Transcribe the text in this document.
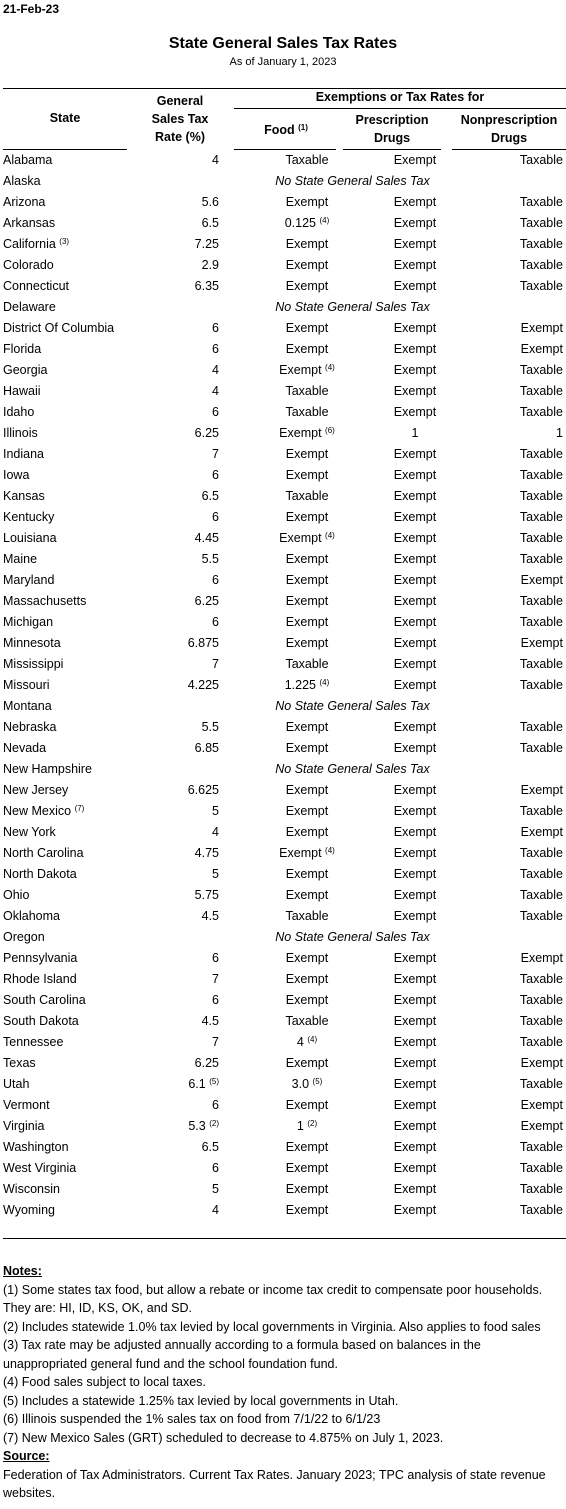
21-Feb-23
State General Sales Tax Rates
As of January 1, 2023
State
General
Sales Tax
Rate (%)
Exemptions or Tax Rates for
Food $^{(1)}$
Prescription
Drugs
Nonprescription
Drugs
Alabama	4	Taxable	Exempt	Taxable
Alaska	No State General Sales Tax
Arizona	5.6	Exempt	Exempt	Taxable
Arkansas	6.5	0.125 $^{(4)}$	Exempt	Taxable
California $^{(3)}$	7.25	Exempt	Exempt	Taxable
Colorado	2.9	Exempt	Exempt	Taxable
Connecticut	6.35	Exempt	Exempt	Taxable
Delaware	No State General Sales Tax
District Of Columbia	6	Exempt	Exempt	Exempt
Florida	6	Exempt	Exempt	Exempt
Georgia	4	Exempt $^{(4)}$	Exempt	Taxable
Hawaii	4	Taxable	Exempt	Taxable
Idaho	6	Taxable	Exempt	Taxable
Illinois	6.25	Exempt $^{(6)}$	1	1
Indiana	7	Exempt	Exempt	Taxable
Iowa	6	Exempt	Exempt	Taxable
Kansas	6.5	Taxable	Exempt	Taxable
Kentucky	6	Exempt	Exempt	Taxable
Louisiana	4.45	Exempt $^{(4)}$	Exempt	Taxable
Maine	5.5	Exempt	Exempt	Taxable
Maryland	6	Exempt	Exempt	Exempt
Massachusetts	6.25	Exempt	Exempt	Taxable
Michigan	6	Exempt	Exempt	Taxable
Minnesota	6.875	Exempt	Exempt	Exempt
Mississippi	7	Taxable	Exempt	Taxable
Missouri	4.225	1.225 $^{(4)}$	Exempt	Taxable
Montana	No State General Sales Tax
Nebraska	5.5	Exempt	Exempt	Taxable
Nevada	6.85	Exempt	Exempt	Taxable
New Hampshire	No State General Sales Tax
New Jersey	6.625	Exempt	Exempt	Exempt
New Mexico $^{(7)}$	5	Exempt	Exempt	Taxable
New York	4	Exempt	Exempt	Exempt
North Carolina	4.75	Exempt $^{(4)}$	Exempt	Taxable
North Dakota	5	Exempt	Exempt	Taxable
Ohio	5.75	Exempt	Exempt	Taxable
Oklahoma	4.5	Taxable	Exempt	Taxable
Oregon	No State General Sales Tax
Pennsylvania	6	Exempt	Exempt	Exempt
Rhode Island	7	Exempt	Exempt	Taxable
South Carolina	6	Exempt	Exempt	Taxable
South Dakota	4.5	Taxable	Exempt	Taxable
Tennessee	7	4 $^{(4)}$	Exempt	Taxable
Texas	6.25	Exempt	Exempt	Exempt
Utah	6.1 $^{(5)}$	3.0 $^{(5)}$	Exempt	Taxable
Vermont	6	Exempt	Exempt	Exempt
Virginia	5.3 $^{(2)}$	1 $^{(2)}$	Exempt	Exempt
Washington	6.5	Exempt	Exempt	Taxable
West Virginia	6	Exempt	Exempt	Taxable
Wisconsin	5	Exempt	Exempt	Taxable
Wyoming	4	Exempt	Exempt	Taxable
Notes:
(1) Some states tax food, but allow a rebate or income tax credit to compensate poor households. They are: HI, ID, KS, OK, and SD.
(2) Includes statewide 1.0% tax levied by local governments in Virginia. Also applies to food sales
(3) Tax rate may be adjusted annually according to a formula based on balances in the unappropriated general fund and the school foundation fund.
(4) Food sales subject to local taxes.
(5) Includes a statewide 1.25% tax levied by local governments in Utah.
(6) Illinois suspended the 1% sales tax on food from 7/1/22 to 6/1/23
(7) New Mexico Sales (GRT) scheduled to decrease to 4.875% on July 1, 2023.
Source:
Federation of Tax Administrators. Current Tax Rates. January 2023; TPC analysis of state revenue websites.
